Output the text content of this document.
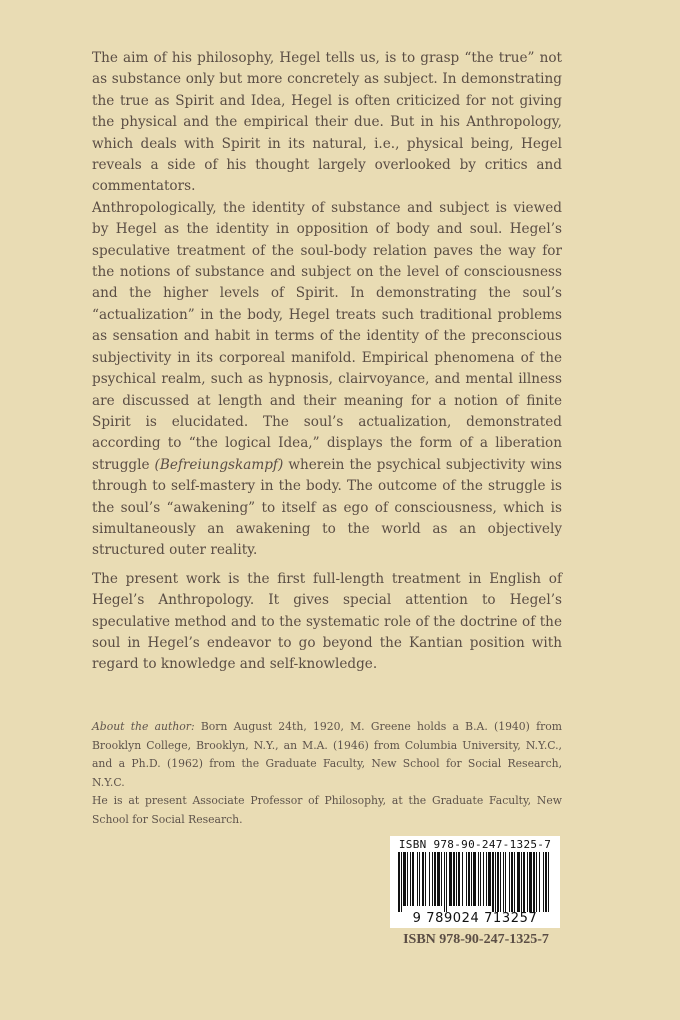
The aim of his philosophy, Hegel tells us, is to grasp “the true” not as substance only but more concretely as subject. In demonstrating the true as Spirit and Idea, Hegel is often criticized for not giving the physical and the empirical their due. But in his Anthropology, which deals with Spirit in its natural, i.e., physical being, Hegel reveals a side of his thought largely overlooked by critics and commentators.

Anthropologically, the identity of substance and subject is viewed by Hegel as the identity in opposition of body and soul. Hegel’s speculative treatment of the soul-body relation paves the way for the notions of substance and subject on the level of consciousness and the higher levels of Spirit. In demonstrating the soul’s “actualization” in the body, Hegel treats such traditional problems as sensation and habit in terms of the identity of the preconscious subjectivity in its corporeal manifold. Empirical phenomena of the psychical realm, such as hypnosis, clairvoyance, and mental illness are discussed at length and their meaning for a notion of finite Spirit is elucidated. The soul’s actualization, demonstrated according to “the logical Idea,” displays the form of a liberation struggle (Befreiungskampf) wherein the psychical subjectivity wins through to self-mastery in the body. The outcome of the struggle is the soul’s “awakening” to itself as ego of consciousness, which is simultaneously an awakening to the world as an objectively structured outer reality.

The present work is the first full-length treatment in English of Hegel’s Anthropology. It gives special attention to Hegel’s speculative method and to the systematic role of the doctrine of the soul in Hegel’s endeavor to go beyond the Kantian position with regard to knowledge and self-knowledge.

About the author: Born August 24th, 1920, M. Greene holds a B.A. (1940) from Brooklyn College, Brooklyn, N.Y., an M.A. (1946) from Columbia University, N.Y.C., and a Ph.D. (1962) from the Graduate Faculty, New School for Social Research, N.Y.C.

He is at present Associate Professor of Philosophy, at the Graduate Faculty, New School for Social Research.

ISBN 978-90-247-1325-7
9 789024 713257
ISBN 978-90-247-1325-7
